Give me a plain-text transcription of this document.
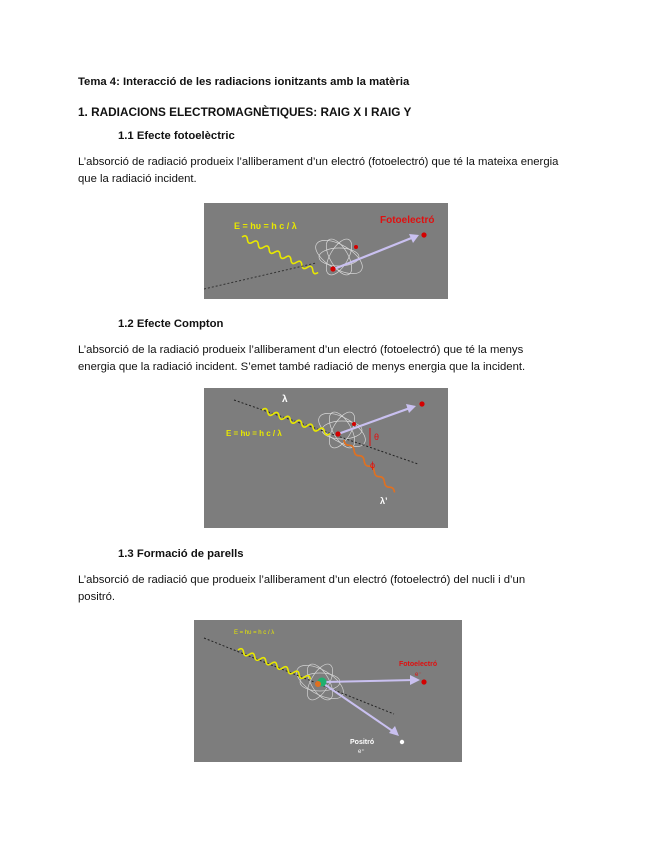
Tema 4: Interacció de les radiacions ionitzants amb la matèria
1. RADIACIONS ELECTROMAGNÈTIQUES: RAIG X I RAIG Y
1.1 Efecte fotoelèctric
L’absorció de radiació produeix l’alliberament d’un electró (fotoelectró) que té la mateixa energia
que la radiació incident.
E = hυ = h c / λ	Fotoelectró
1.2 Efecte Compton
L’absorció de la radiació produeix l’alliberament d’un electró (fotoelectró) que té la menys
energia que la radiació incident. S’emet també radiació de menys energia que la incident.
λ
E = hυ = h c / λ	θ
ϕ
λ’
1.3 Formació de parells
L’absorció de radiació que produeix l’alliberament d’un electró (fotoelectró) del nucli i d’un
positró.
E = hυ = h c / λ
Fotoelectró
e⁻
Positró
e⁺
